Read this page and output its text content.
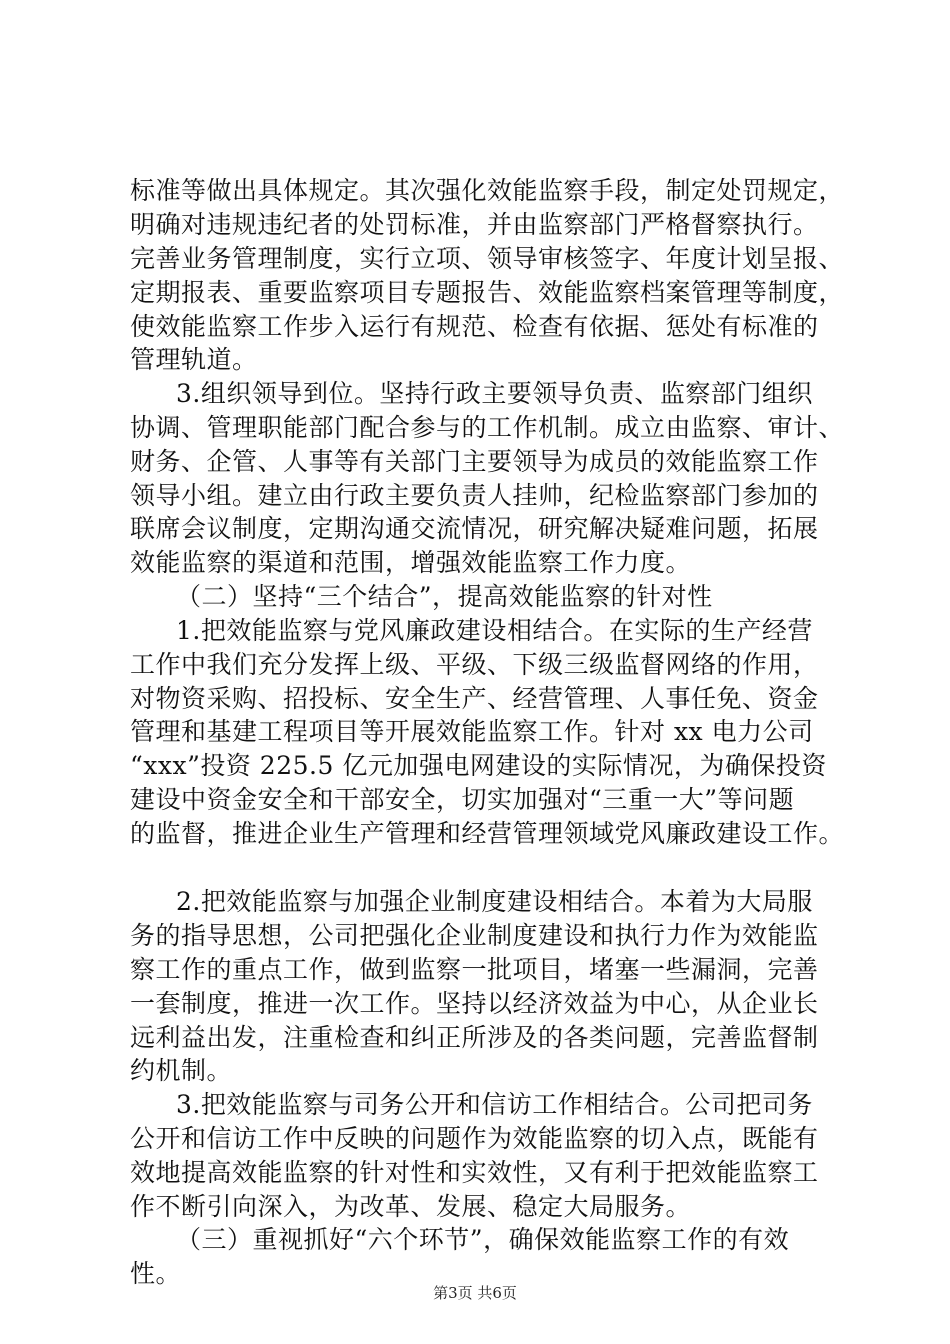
标准等做出具体规定。其次强化效能监察手段，制定处罚规定，
明确对违规违纪者的处罚标准，并由监察部门严格督察执行。
完善业务管理制度，实行立项、领导审核签字、年度计划呈报、
定期报表、重要监察项目专题报告、效能监察档案管理等制度，
使效能监察工作步入运行有规范、检查有依据、惩处有标准的
管理轨道。
3.组织领导到位。坚持行政主要领导负责、监察部门组织
协调、管理职能部门配合参与的工作机制。成立由监察、审计、
财务、企管、人事等有关部门主要领导为成员的效能监察工作
领导小组。建立由行政主要负责人挂帅，纪检监察部门参加的
联席会议制度，定期沟通交流情况，研究解决疑难问题，拓展
效能监察的渠道和范围，增强效能监察工作力度。
（二）坚持“三个结合”，提高效能监察的针对性
1.把效能监察与党风廉政建设相结合。在实际的生产经营
工作中我们充分发挥上级、平级、下级三级监督网络的作用，
对物资采购、招投标、安全生产、经营管理、人事任免、资金
管理和基建工程项目等开展效能监察工作。针对 xx 电力公司
“xxx”投资 225.5 亿元加强电网建设的实际情况，为确保投资
建设中资金安全和干部安全，切实加强对“三重一大”等问题
的监督，推进企业生产管理和经营管理领域党风廉政建设工作。
2.把效能监察与加强企业制度建设相结合。本着为大局服
务的指导思想，公司把强化企业制度建设和执行力作为效能监
察工作的重点工作，做到监察一批项目，堵塞一些漏洞，完善
一套制度，推进一次工作。坚持以经济效益为中心，从企业长
远利益出发，注重检查和纠正所涉及的各类问题，完善监督制
约机制。
3.把效能监察与司务公开和信访工作相结合。公司把司务
公开和信访工作中反映的问题作为效能监察的切入点，既能有
效地提高效能监察的针对性和实效性，又有利于把效能监察工
作不断引向深入，为改革、发展、稳定大局服务。
（三）重视抓好“六个环节”，确保效能监察工作的有效
性。
第3页 共6页
